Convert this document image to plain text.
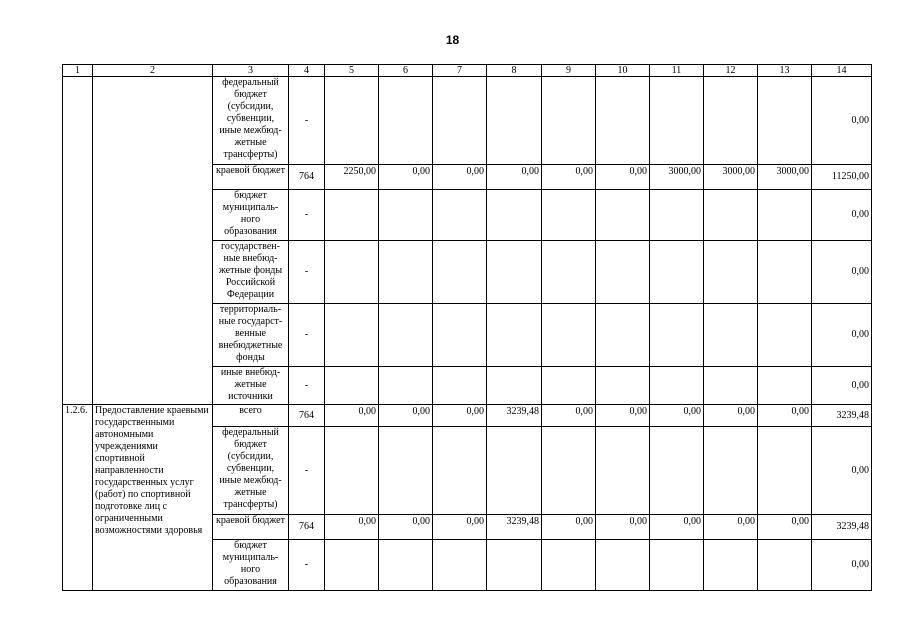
18
1	2	3	4	5	6	7	8	9	10	11	12	13	14
		федеральный бюджет (субсидии, субвенции, иные межбюд-жетные трансферты)	-										0,00
		краевой бюджет	764	2250,00	0,00	0,00	0,00	0,00	0,00	3000,00	3000,00	3000,00	11250,00
		бюджет муниципаль-ного образования	-										0,00
		государствен-ные внебюд-жетные фонды Российской Федерации	-										0,00
		территориаль-ные государст-венные внебюджетные фонды	-										0,00
		иные внебюд-жетные источники	-										0,00
1.2.6.	Предоставление краевыми государственными автономными учреждениями спортивной направленности государственных услуг (работ) по спортивной подготовке лиц с ограниченными возможностями здоровья	всего	764	0,00	0,00	0,00	3239,48	0,00	0,00	0,00	0,00	0,00	3239,48
		федеральный бюджет (субсидии, субвенции, иные межбюд-жетные трансферты)	-										0,00
		краевой бюджет	764	0,00	0,00	0,00	3239,48	0,00	0,00	0,00	0,00	0,00	3239,48
		бюджет муниципаль-ного образования	-										0,00
